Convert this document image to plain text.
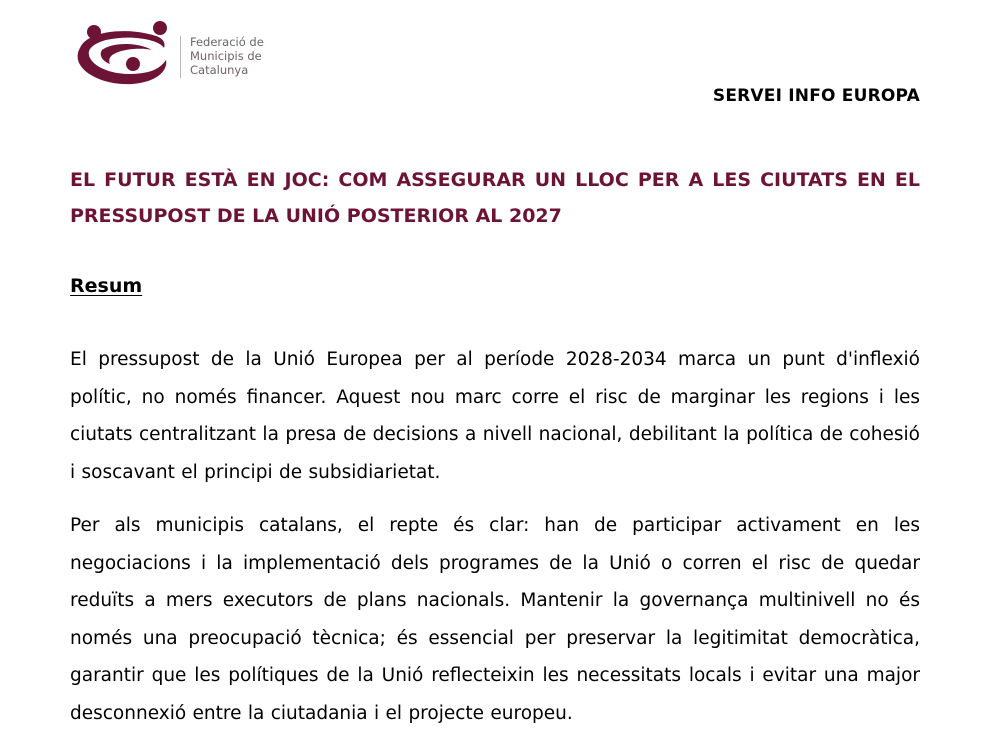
Federació de
Municipis de
Catalunya
SERVEI INFO EUROPA
EL FUTUR ESTÀ EN JOC: COM ASSEGURAR UN LLOC PER A LES CIUTATS EN EL PRESSUPOST DE LA UNIÓ POSTERIOR AL 2027
Resum

El pressupost de la Unió Europea per al període 2028-2034 marca un punt d'inflexió polític, no només financer. Aquest nou marc corre el risc de marginar les regions i les ciutats centralitzant la presa de decisions a nivell nacional, debilitant la política de cohesió i soscavant el principi de subsidiarietat.

Per als municipis catalans, el repte és clar: han de participar activament en les negociacions i la implementació dels programes de la Unió o corren el risc de quedar reduïts a mers executors de plans nacionals. Mantenir la governança multinivell no és només una preocupació tècnica; és essencial per preservar la legitimitat democràtica, garantir que les polítiques de la Unió reflecteixin les necessitats locals i evitar una major desconnexió entre la ciutadania i el projecte europeu.
